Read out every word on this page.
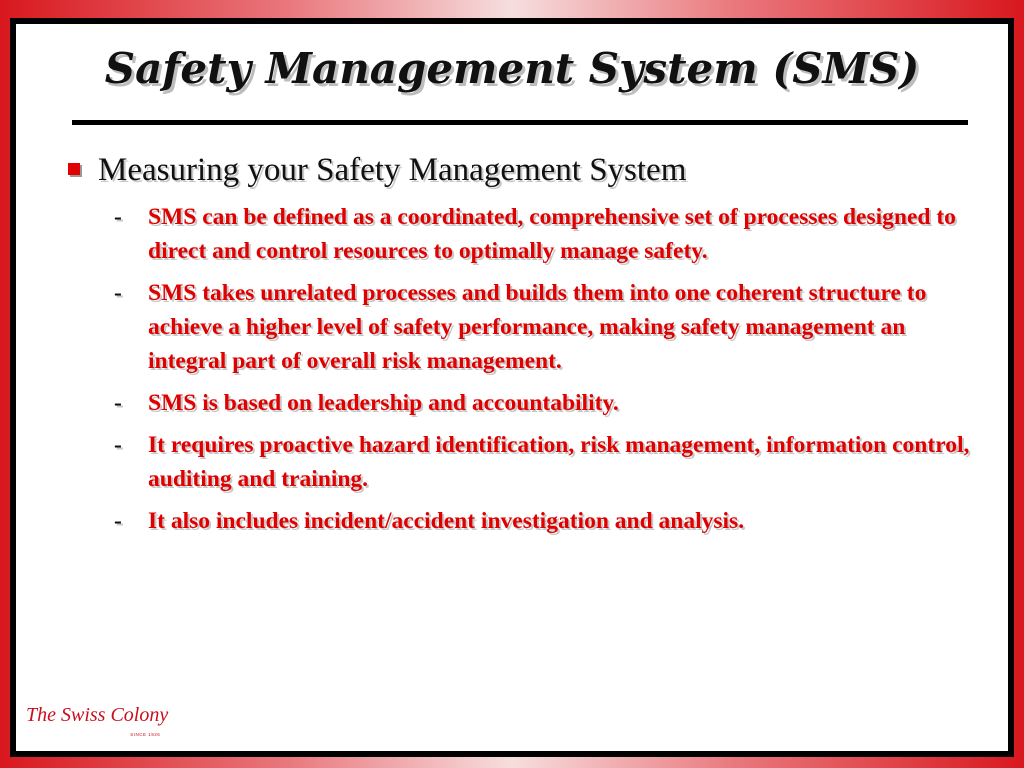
Safety Management System (SMS)

Measuring your Safety Management System

-	SMS can be defined as a coordinated, comprehensive set of processes designed to direct and control resources to optimally manage safety.
-	SMS takes unrelated processes and builds them into one coherent structure to achieve a higher level of safety performance, making safety management an integral part of overall risk management.
-	SMS is based on leadership and accountability.
-	It requires proactive hazard identification, risk management, information control, auditing and training.
-	It also includes incident/accident investigation and analysis.
The Swiss Colony
SINCE 1926
